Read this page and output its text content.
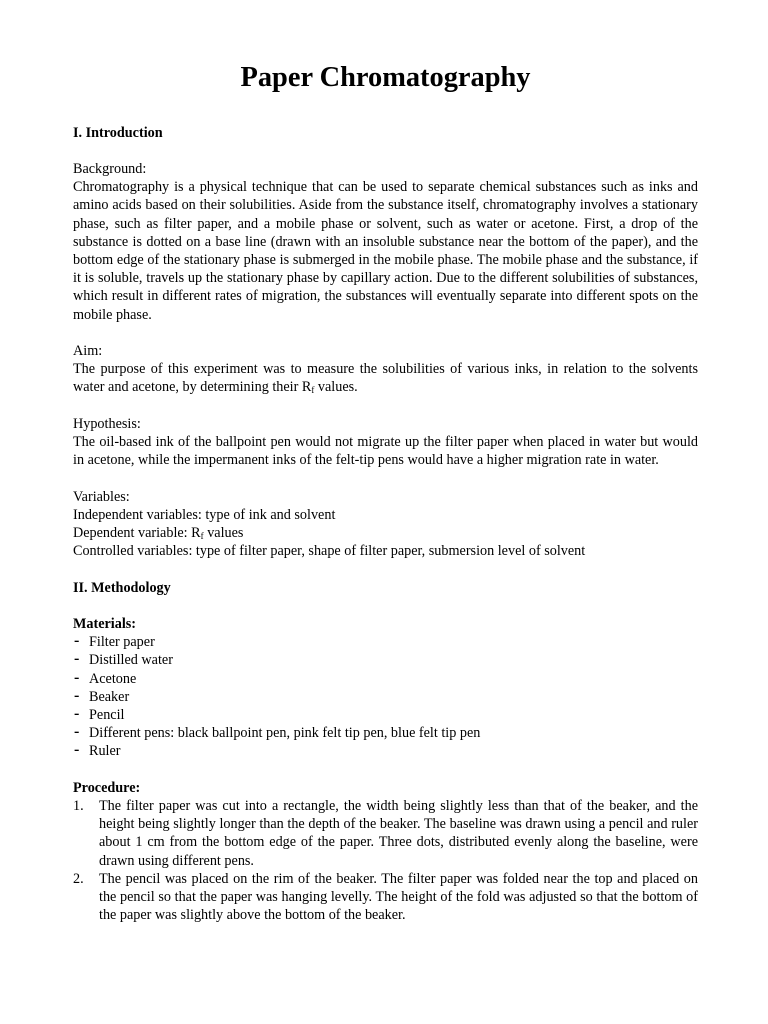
Paper Chromatography

I. Introduction

Background:

Chromatography is a physical technique that can be used to separate chemical substances such as inks and amino acids based on their solubilities. Aside from the substance itself, chromatography involves a stationary phase, such as filter paper, and a mobile phase or solvent, such as water or acetone. First, a drop of the substance is dotted on a base line (drawn with an insoluble substance near the bottom of the paper), and the bottom edge of the stationary phase is submerged in the mobile phase. The mobile phase and the substance, if it is soluble, travels up the stationary phase by capillary action. Due to the different solubilities of substances, which result in different rates of migration, the substances will eventually separate into different spots on the mobile phase.

Aim:

The purpose of this experiment was to measure the solubilities of various inks, in relation to the solvents water and acetone, by determining their $R_f$ values.

Hypothesis:

The oil-based ink of the ballpoint pen would not migrate up the filter paper when placed in water but would in acetone, while the impermanent inks of the felt-tip pens would have a higher migration rate in water.

Variables:

Independent variables: type of ink and solvent

Dependent variable: $R_f$ values

Controlled variables: type of filter paper, shape of filter paper, submersion level of solvent

II. Methodology

Materials:

- Filter paper
- Distilled water
- Acetone
- Beaker
- Pencil
- Different pens: black ballpoint pen, pink felt tip pen, blue felt tip pen
- Ruler

Procedure:

1. The filter paper was cut into a rectangle, the width being slightly less than that of the beaker, and the height being slightly longer than the depth of the beaker. The baseline was drawn using a pencil and ruler about 1 cm from the bottom edge of the paper. Three dots, distributed evenly along the baseline, were drawn using different pens.
2. The pencil was placed on the rim of the beaker. The filter paper was folded near the top and placed on the pencil so that the paper was hanging levelly. The height of the fold was adjusted so that the bottom of the paper was slightly above the bottom of the beaker.
